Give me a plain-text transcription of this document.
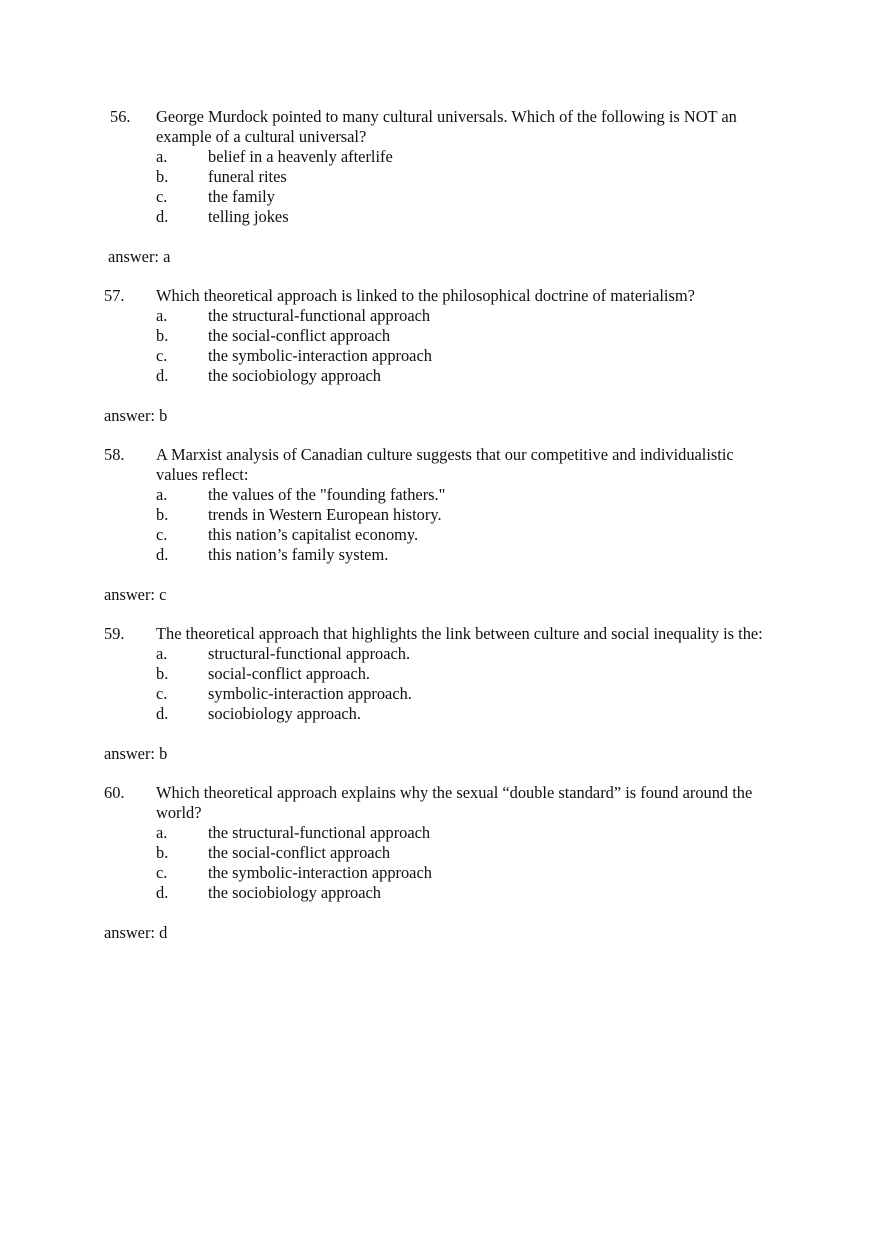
56. George Murdock pointed to many cultural universals. Which of the following is NOT an example of a cultural universal?
a. belief in a heavenly afterlife
b. funeral rites
c. the family
d. telling jokes
answer: a
57. Which theoretical approach is linked to the philosophical doctrine of materialism?
a. the structural-functional approach
b. the social-conflict approach
c. the symbolic-interaction approach
d. the sociobiology approach
answer: b
58. A Marxist analysis of Canadian culture suggests that our competitive and individualistic values reflect:
a. the values of the "founding fathers."
b. trends in Western European history.
c. this nation’s capitalist economy.
d. this nation’s family system.
answer: c
59. The theoretical approach that highlights the link between culture and social inequality is the:
a. structural-functional approach.
b. social-conflict approach.
c. symbolic-interaction approach.
d. sociobiology approach.
answer: b
60. Which theoretical approach explains why the sexual “double standard” is found around the world?
a. the structural-functional approach
b. the social-conflict approach
c. the symbolic-interaction approach
d. the sociobiology approach
answer: d
